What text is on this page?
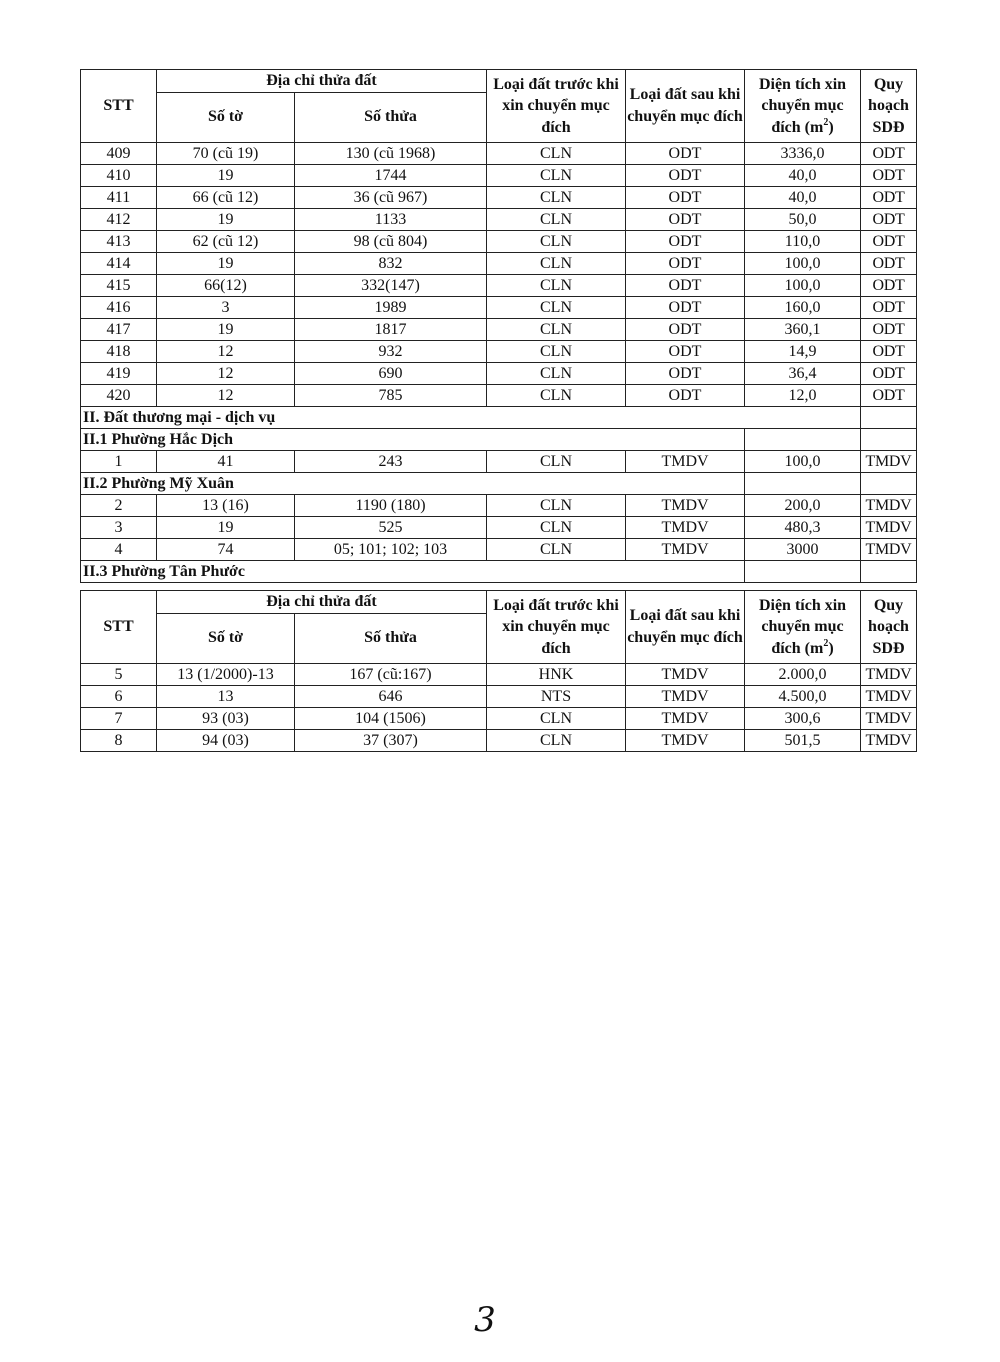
STT	Địa chỉ thửa đất		Loại đất trước khi xin chuyển mục đích	Loại đất sau khi chuyển mục đích	Diện tích xin chuyển mục đích $(m^2)$	Quy hoạch SDĐ
	Số tờ	Số thửa				
409	70 (cũ 19)	130 (cũ 1968)	CLN	ODT	3336,0	ODT
410	19	1744	CLN	ODT	40,0	ODT
411	66 (cũ 12)	36 (cũ 967)	CLN	ODT	40,0	ODT
412	19	1133	CLN	ODT	50,0	ODT
413	62 (cũ 12)	98 (cũ 804)	CLN	ODT	110,0	ODT
414	19	832	CLN	ODT	100,0	ODT
415	66(12)	332(147)	CLN	ODT	100,0	ODT
416	3	1989	CLN	ODT	160,0	ODT
417	19	1817	CLN	ODT	360,1	ODT
418	12	932	CLN	ODT	14,9	ODT
419	12	690	CLN	ODT	36,4	ODT
420	12	785	CLN	ODT	12,0	ODT
II. Đất thương mại - dịch vụ						
II.1 Phường Hắc Dịch						
1	41	243	CLN	TMDV	100,0	TMDV
II.2 Phường Mỹ Xuân						
2	13 (16)	1190 (180)	CLN	TMDV	200,0	TMDV
3	19	525	CLN	TMDV	480,3	TMDV
4	74	05; 101; 102; 103	CLN	TMDV	3000	TMDV
II.3 Phường Tân Phước						
STT	Địa chỉ thửa đất		Loại đất trước khi xin chuyển mục đích	Loại đất sau khi chuyển mục đích	Diện tích xin chuyển mục đích $(m^2)$	Quy hoạch SDĐ
	Số tờ	Số thửa				
5	13 (1/2000)-13	167 (cũ:167)	HNK	TMDV	2.000,0	TMDV
6	13	646	NTS	TMDV	4.500,0	TMDV
7	93 (03)	104 (1506)	CLN	TMDV	300,6	TMDV
8	94 (03)	37 (307)	CLN	TMDV	501,5	TMDV
3
